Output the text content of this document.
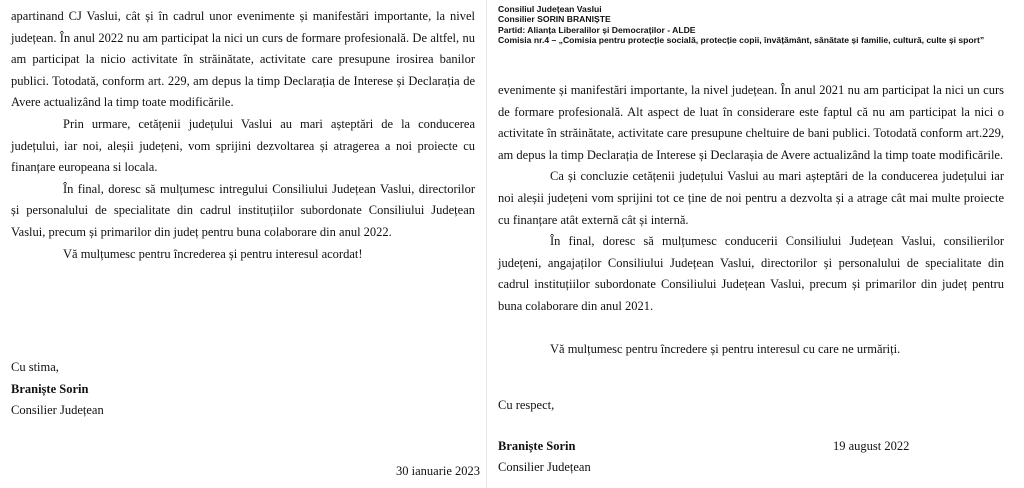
apartinand CJ Vaslui, cât și în cadrul unor evenimente și manifestări importante, la nivel județean. În anul 2022 nu am participat la nici un curs de formare profesională. De altfel, nu am participat la nicio activitate în străinătate, activitate care presupune irosirea banilor publici. Totodată, conform art. 229, am depus la timp Declarația de Interese și Declarația de Avere actualizând la timp toate modificările.

Prin urmare, cetățenii județului Vaslui au mari așteptări de la conducerea județului, iar noi, aleșii județeni, vom sprijini dezvoltarea și atragerea a noi proiecte cu finanțare europeana si locala.

În final, doresc să mulțumesc intregului Consiliului Județean Vaslui, directorilor și personalului de specialitate din cadrul instituțiilor subordonate Consiliului Județean Vaslui, precum și primarilor din județ pentru buna colaborare din anul 2022.

Vă mulțumesc pentru încrederea și pentru interesul acordat!

Cu stima,
Braniște Sorin
Consilier Județean
30 ianuarie 2023
Consiliul Județean Vaslui
Consilier SORIN BRANIȘTE
Partid: Alianța Liberalilor și Democraților - ALDE
Comisia nr.4 – „Comisia pentru protecție socială, protecție copii, învățământ, sănătate și familie, cultură, culte și sport”

evenimente și manifestări importante, la nivel județean. În anul 2021 nu am participat la nici un curs de formare profesională. Alt aspect de luat în considerare este faptul că nu am participat la nici o activitate în străinătate, activitate care presupune cheltuire de bani publici. Totodată conform art.229, am depus la timp Declarația de Interese și Declarașia de Avere actualizând la timp toate modificările.

Ca și concluzie cetățenii județului Vaslui au mari așteptări de la conducerea județului iar noi aleșii județeni vom sprijini tot ce ține de noi pentru a dezvolta și a atrage cât mai multe proiecte cu finanțare atât externă cât și internă.

În final, doresc să mulțumesc conducerii Consiliului Județean Vaslui, consilierilor județeni, angajaților Consiliului Județean Vaslui, directorilor și personalului de specialitate din cadrul instituțiilor subordonate Consiliului Județean Vaslui, precum și primarilor din județ pentru buna colaborare din anul 2021.

Vă mulțumesc pentru încredere și pentru interesul cu care ne urmăriți.

Cu respect,
Braniște Sorin
Consilier Județean
19 august 2022
